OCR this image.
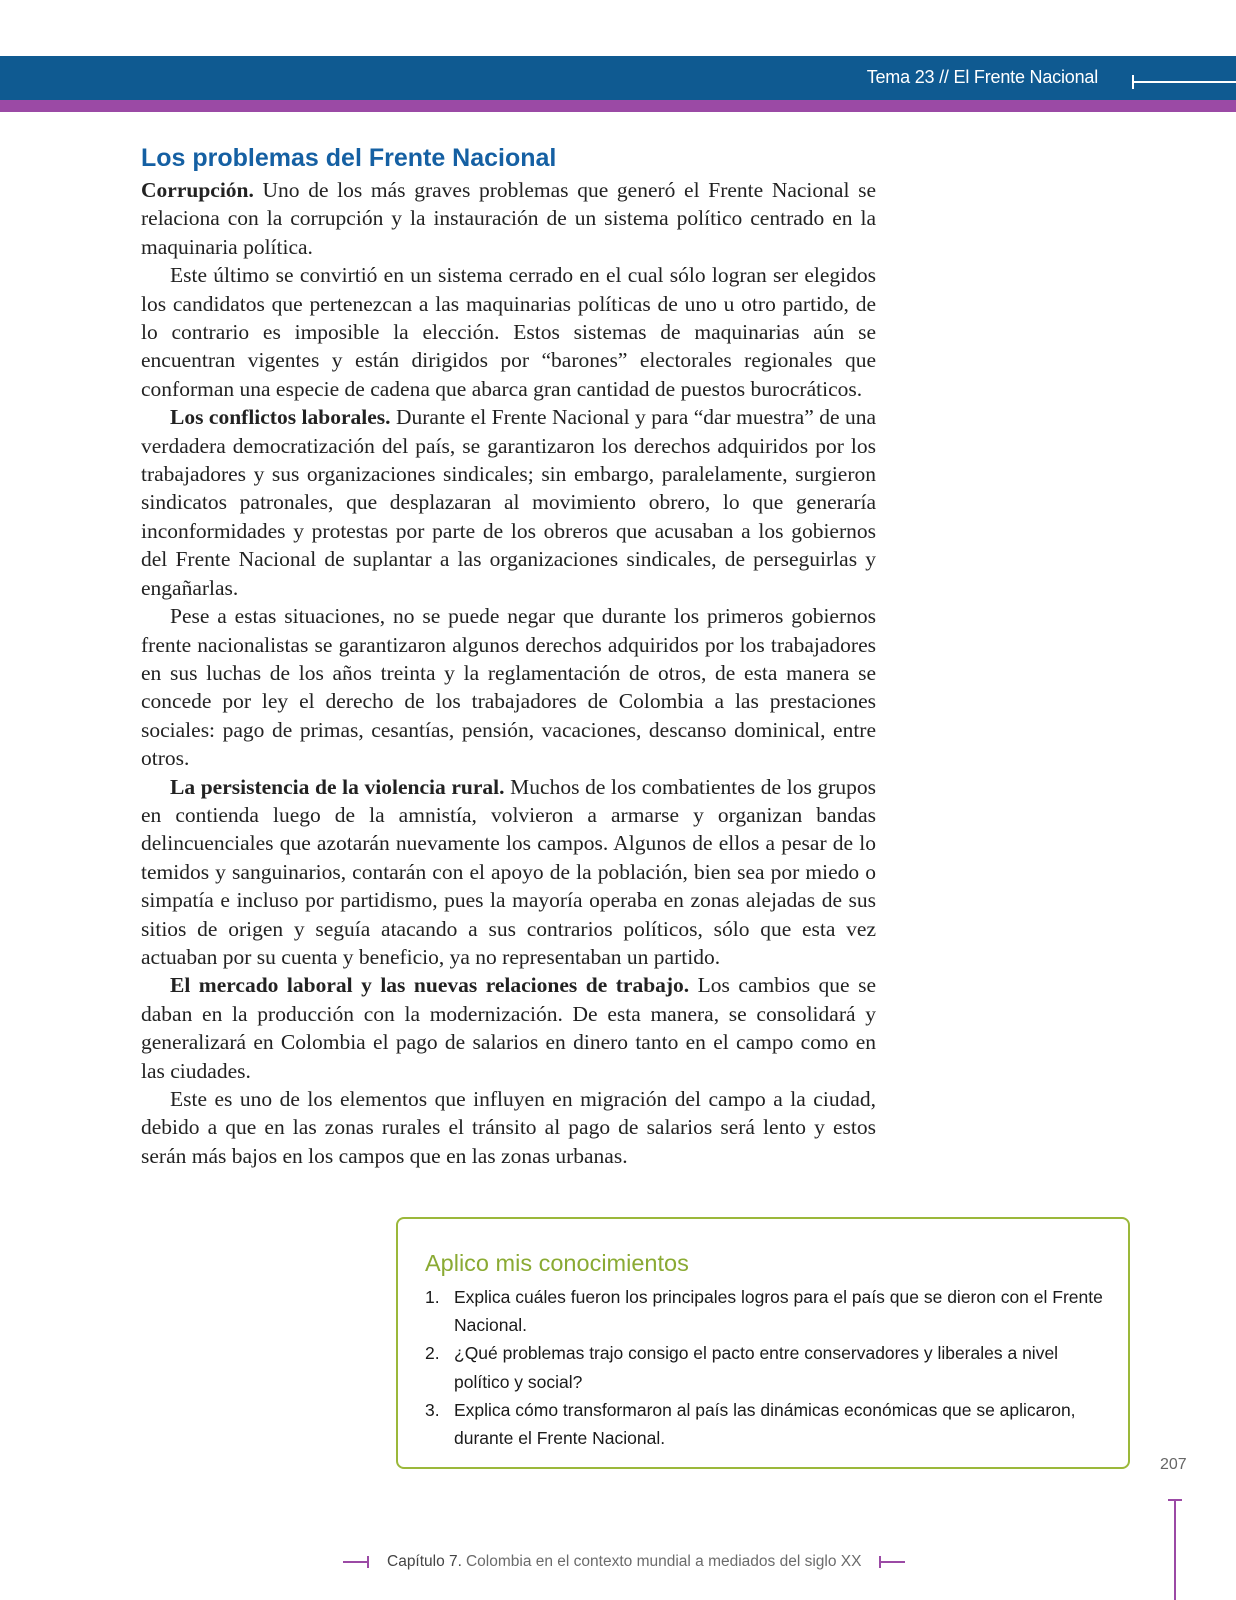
Tema 23 // El Frente Nacional
Los problemas del Frente Nacional

Corrupción. Uno de los más graves problemas que generó el Frente Nacional se relaciona con la corrupción y la instauración de un sistema político centrado en la maquinaria política.

Este último se convirtió en un sistema cerrado en el cual sólo logran ser elegidos los candidatos que pertenezcan a las maquinarias políticas de uno u otro partido, de lo contrario es imposible la elección. Estos sistemas de maquinarias aún se encuentran vigentes y están dirigidos por “barones” electorales regionales que conforman una especie de cadena que abarca gran cantidad de puestos burocráticos.

Los conflictos laborales. Durante el Frente Nacional y para “dar muestra” de una verdadera democratización del país, se garantizaron los derechos adquiridos por los trabajadores y sus organizaciones sindicales; sin embargo, paralelamente, surgieron sindicatos patronales, que desplazaran al movimiento obrero, lo que generaría inconformidades y protestas por parte de los obreros que acusaban a los gobiernos del Frente Nacional de suplantar a las organizaciones sindicales, de perseguirlas y engañarlas.

Pese a estas situaciones, no se puede negar que durante los primeros gobiernos frente nacionalistas se garantizaron algunos derechos adquiridos por los trabajadores en sus luchas de los años treinta y la reglamentación de otros, de esta manera se concede por ley el derecho de los trabajadores de Colombia a las prestaciones sociales: pago de primas, cesantías, pensión, vacaciones, descanso dominical, entre otros.

La persistencia de la violencia rural. Muchos de los combatientes de los grupos en contienda luego de la amnistía, volvieron a armarse y organizan bandas delincuenciales que azotarán nuevamente los campos. Algunos de ellos a pesar de lo temidos y sanguinarios, contarán con el apoyo de la población, bien sea por miedo o simpatía e incluso por partidismo, pues la mayoría operaba en zonas alejadas de sus sitios de origen y seguía atacando a sus contrarios políticos, sólo que esta vez actuaban por su cuenta y beneficio, ya no representaban un partido.

El mercado laboral y las nuevas relaciones de trabajo. Los cambios que se daban en la producción con la modernización. De esta manera, se consolidará y generalizará en Colombia el pago de salarios en dinero tanto en el campo como en las ciudades.

Este es uno de los elementos que influyen en migración del campo a la ciudad, debido a que en las zonas rurales el tránsito al pago de salarios será lento y estos serán más bajos en los campos que en las zonas urbanas.

Aplico mis conocimientos
1. Explica cuáles fueron los principales logros para el país que se dieron con el Frente Nacional.
2. ¿Qué problemas trajo consigo el pacto entre conservadores y liberales a nivel político y social?
3. Explica cómo transformaron al país las dinámicas económicas que se aplicaron, durante el Frente Nacional.
207
Capítulo 7. Colombia en el contexto mundial a mediados del siglo XX
